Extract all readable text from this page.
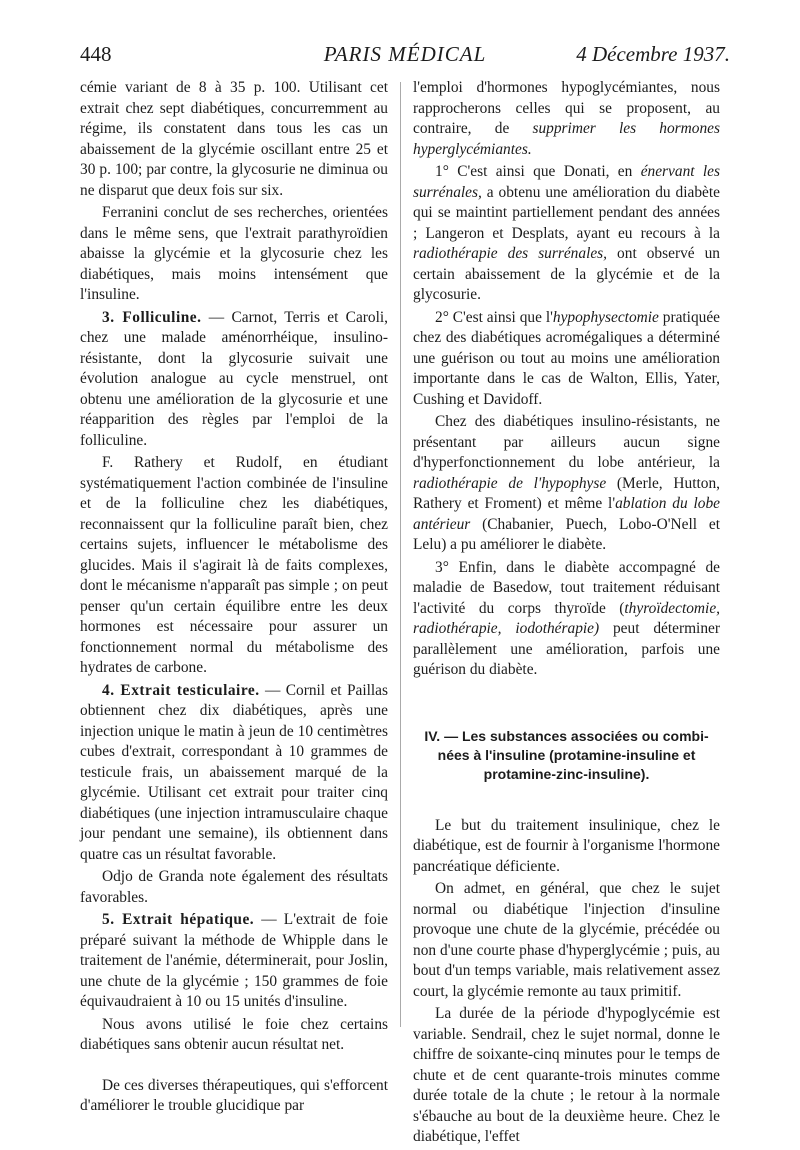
448	PARIS MÉDICAL	4 Décembre 1937.

cémie variant de 8 à 35 p. 100. Utilisant cet extrait chez sept diabétiques, concurremment au régime, ils constatent dans tous les cas un abaissement de la glycémie oscillant entre 25 et 30 p. 100; par contre, la glycosurie ne diminua ou ne disparut que deux fois sur six.

Ferranini conclut de ses recherches, orientées dans le même sens, que l'extrait parathyroïdien abaisse la glycémie et la glycosurie chez les diabétiques, mais moins intensément que l'insuline.

3. Folliculine. — Carnot, Terris et Caroli, chez une malade aménorrhéique, insulino-résistante, dont la glycosurie suivait une évolution analogue au cycle menstruel, ont obtenu une amélioration de la glycosurie et une réapparition des règles par l'emploi de la folliculine.

F. Rathery et Rudolf, en étudiant systématiquement l'action combinée de l'insuline et de la folliculine chez les diabétiques, reconnaissent qur la folliculine paraît bien, chez certains sujets, influencer le métabolisme des glucides. Mais il s'agirait là de faits complexes, dont le mécanisme n'apparaît pas simple ; on peut penser qu'un certain équilibre entre les deux hormones est nécessaire pour assurer un fonctionnement normal du métabolisme des hydrates de carbone.

4. Extrait testiculaire. — Cornil et Paillas obtiennent chez dix diabétiques, après une injection unique le matin à jeun de 10 centimètres cubes d'extrait, correspondant à 10 grammes de testicule frais, un abaissement marqué de la glycémie. Utilisant cet extrait pour traiter cinq diabétiques (une injection intramusculaire chaque jour pendant une semaine), ils obtiennent dans quatre cas un résultat favorable.

Odjo de Granda note également des résultats favorables.

5. Extrait hépatique. — L'extrait de foie préparé suivant la méthode de Whipple dans le traitement de l'anémie, déterminerait, pour Joslin, une chute de la glycémie ; 150 grammes de foie équivaudraient à 10 ou 15 unités d'insuline.

Nous avons utilisé le foie chez certains diabétiques sans obtenir aucun résultat net.

De ces diverses thérapeutiques, qui s'efforcent d'améliorer le trouble glucidique par

l'emploi d'hormones hypoglycémiantes, nous rapprocherons celles qui se proposent, au contraire, de supprimer les hormones hyperglycémiantes.

1° C'est ainsi que Donati, en énervant les surrénales, a obtenu une amélioration du diabète qui se maintint partiellement pendant des années ; Langeron et Desplats, ayant eu recours à la radiothérapie des surrénales, ont observé un certain abaissement de la glycémie et de la glycosurie.

2° C'est ainsi que l'hypophysectomie pratiquée chez des diabétiques acromégaliques a déterminé une guérison ou tout au moins une amélioration importante dans le cas de Walton, Ellis, Yater, Cushing et Davidoff.

Chez des diabétiques insulino-résistants, ne présentant par ailleurs aucun signe d'hyperfonctionnement du lobe antérieur, la radiothérapie de l'hypophyse (Merle, Hutton, Rathery et Froment) et même l'ablation du lobe antérieur (Chabanier, Puech, Lobo-O'Nell et Lelu) a pu améliorer le diabète.

3° Enfin, dans le diabète accompagné de maladie de Basedow, tout traitement réduisant l'activité du corps thyroïde (thyroïdectomie, radiothérapie, iodothérapie) peut déterminer parallèlement une amélioration, parfois une guérison du diabète.

IV. — Les substances associées ou combi-
nées à l'insuline (protamine-insuline et
protamine-zinc-insuline).

Le but du traitement insulinique, chez le diabétique, est de fournir à l'organisme l'hormone pancréatique déficiente.

On admet, en général, que chez le sujet normal ou diabétique l'injection d'insuline provoque une chute de la glycémie, précédée ou non d'une courte phase d'hyperglycémie ; puis, au bout d'un temps variable, mais relativement assez court, la glycémie remonte au taux primitif.

La durée de la période d'hypoglycémie est variable. Sendrail, chez le sujet normal, donne le chiffre de soixante-cinq minutes pour le temps de chute et de cent quarante-trois minutes comme durée totale de la chute ; le retour à la normale s'ébauche au bout de la deuxième heure. Chez le diabétique, l'effet
